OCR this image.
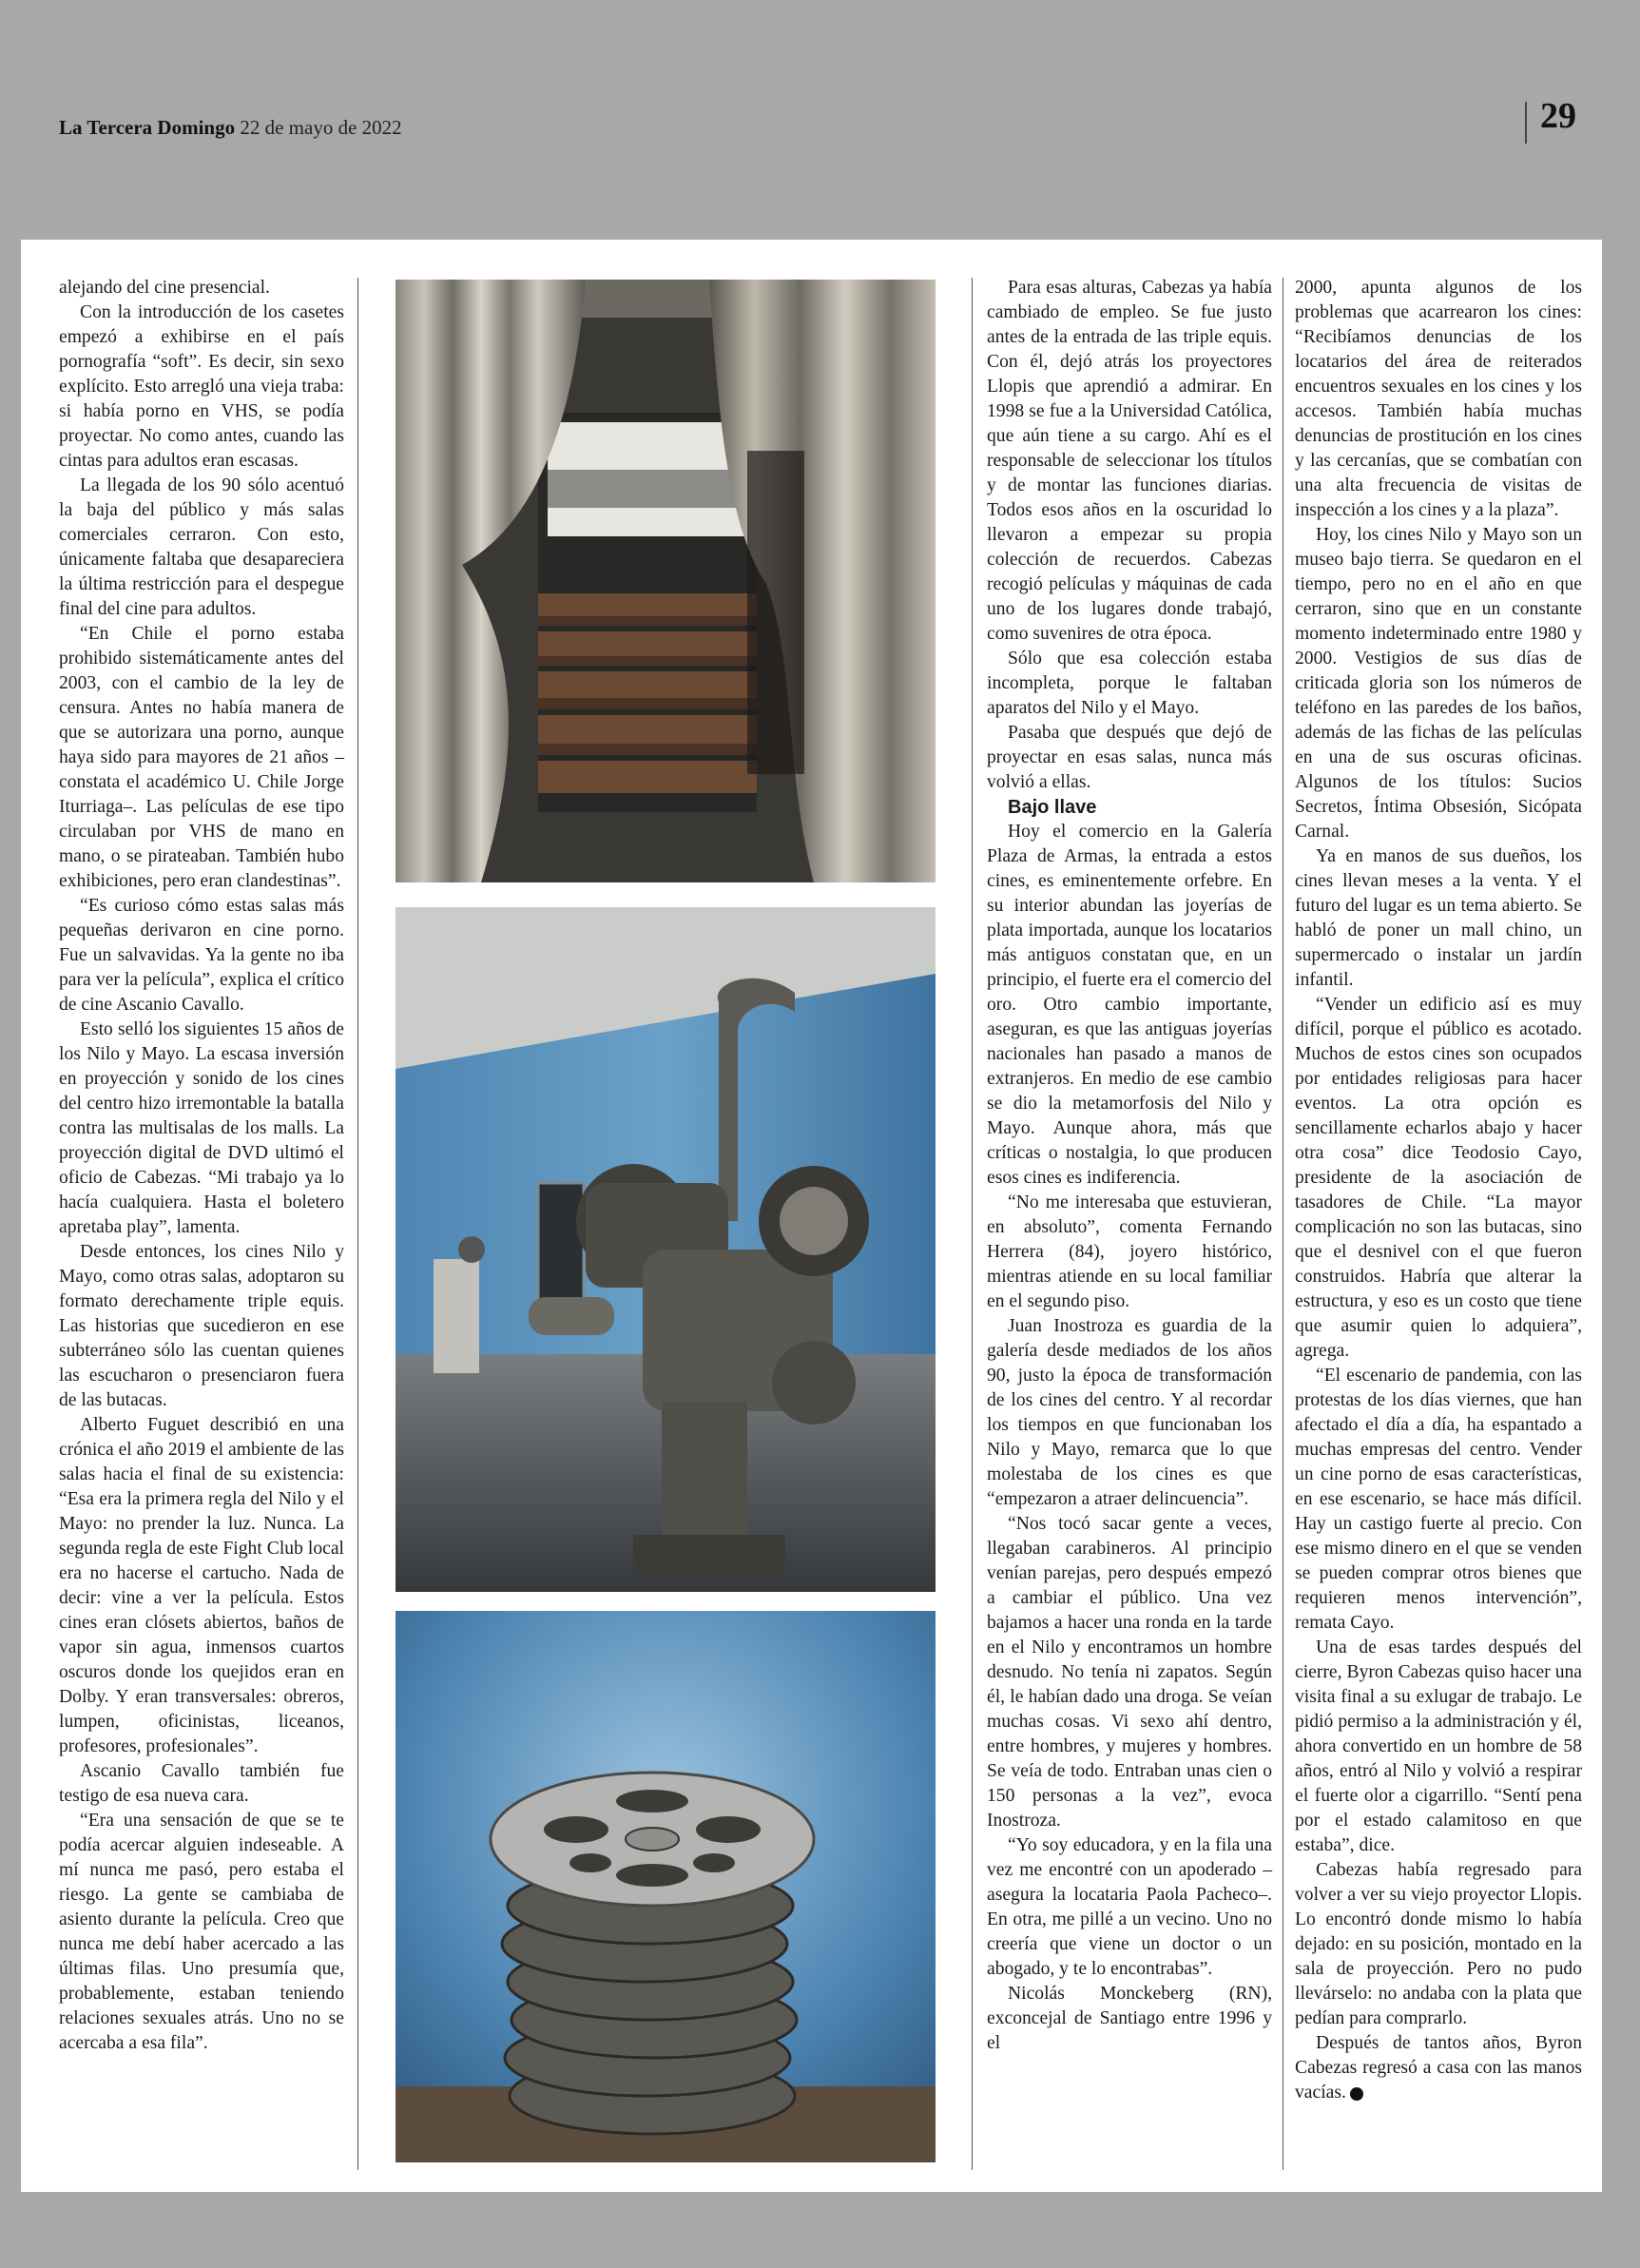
La Tercera Domingo 22 de mayo de 2022	29

alejando del cine presencial.

Con la introducción de los casetes empezó a exhibirse en el país pornografía “soft”. Es decir, sin sexo explícito. Esto arregló una vieja traba: si había porno en VHS, se podía proyectar. No como antes, cuando las cintas para adultos eran escasas.

La llegada de los 90 sólo acentuó la baja del público y más salas comerciales cerraron. Con esto, únicamente faltaba que desapareciera la última restricción para el despegue final del cine para adultos.

“En Chile el porno estaba prohibido sistemáticamente antes del 2003, con el cambio de la ley de censura. Antes no había manera de que se autorizara una porno, aunque haya sido para mayores de 21 años –constata el académico U. Chile Jorge Iturriaga–. Las películas de ese tipo circulaban por VHS de mano en mano, o se pirateaban. También hubo exhibiciones, pero eran clandestinas”.

“Es curioso cómo estas salas más pequeñas derivaron en cine porno. Fue un salvavidas. Ya la gente no iba para ver la película”, explica el crítico de cine Ascanio Cavallo.

Esto selló los siguientes 15 años de los Nilo y Mayo. La escasa inversión en proyección y sonido de los cines del centro hizo irremontable la batalla contra las multisalas de los malls. La proyección digital de DVD ultimó el oficio de Cabezas. “Mi trabajo ya lo hacía cualquiera. Hasta el boletero apretaba play”, lamenta.

Desde entonces, los cines Nilo y Mayo, como otras salas, adoptaron su formato derechamente triple equis. Las historias que sucedieron en ese subterráneo sólo las cuentan quienes las escucharon o presenciaron fuera de las butacas.

Alberto Fuguet describió en una crónica el año 2019 el ambiente de las salas hacia el final de su existencia: “Esa era la primera regla del Nilo y el Mayo: no prender la luz. Nunca. La segunda regla de este Fight Club local era no hacerse el cartucho. Nada de decir: vine a ver la película. Estos cines eran clósets abiertos, baños de vapor sin agua, inmensos cuartos oscuros donde los quejidos eran en Dolby. Y eran transversales: obreros, lumpen, oficinistas, liceanos, profesores, profesionales”.

Ascanio Cavallo también fue testigo de esa nueva cara.

“Era una sensación de que se te podía acercar alguien indeseable. A mí nunca me pasó, pero estaba el riesgo. La gente se cambiaba de asiento durante la película. Creo que nunca me debí haber acercado a las últimas filas. Uno presumía que, probablemente, estaban teniendo relaciones sexuales atrás. Uno no se acercaba a esa fila”.

Para esas alturas, Cabezas ya había cambiado de empleo. Se fue justo antes de la entrada de las triple equis. Con él, dejó atrás los proyectores Llopis que aprendió a admirar. En 1998 se fue a la Universidad Católica, que aún tiene a su cargo. Ahí es el responsable de seleccionar los títulos y de montar las funciones diarias. Todos esos años en la oscuridad lo llevaron a empezar su propia colección de recuerdos. Cabezas recogió películas y máquinas de cada uno de los lugares donde trabajó, como suvenires de otra época.

Sólo que esa colección estaba incompleta, porque le faltaban aparatos del Nilo y el Mayo.

Pasaba que después que dejó de proyectar en esas salas, nunca más volvió a ellas.

Bajo llave

Hoy el comercio en la Galería Plaza de Armas, la entrada a estos cines, es eminentemente orfebre. En su interior abundan las joyerías de plata importada, aunque los locatarios más antiguos constatan que, en un principio, el fuerte era el comercio del oro. Otro cambio importante, aseguran, es que las antiguas joyerías nacionales han pasado a manos de extranjeros. En medio de ese cambio se dio la metamorfosis del Nilo y Mayo. Aunque ahora, más que críticas o nostalgia, lo que producen esos cines es indiferencia.

“No me interesaba que estuvieran, en absoluto”, comenta Fernando Herrera (84), joyero histórico, mientras atiende en su local familiar en el segundo piso.

Juan Inostroza es guardia de la galería desde mediados de los años 90, justo la época de transformación de los cines del centro. Y al recordar los tiempos en que funcionaban los Nilo y Mayo, remarca que lo que molestaba de los cines es que “empezaron a atraer delincuencia”.

“Nos tocó sacar gente a veces, llegaban carabineros. Al principio venían parejas, pero después empezó a cambiar el público. Una vez bajamos a hacer una ronda en la tarde en el Nilo y encontramos un hombre desnudo. No tenía ni zapatos. Según él, le habían dado una droga. Se veían muchas cosas. Vi sexo ahí dentro, entre hombres, y mujeres y hombres. Se veía de todo. Entraban unas cien o 150 personas a la vez”, evoca Inostroza.

“Yo soy educadora, y en la fila una vez me encontré con un apoderado –asegura la locataria Paola Pacheco–. En otra, me pillé a un vecino. Uno no creería que viene un doctor o un abogado, y te lo encontrabas”.

Nicolás Monckeberg (RN), exconcejal de Santiago entre 1996 y el

2000, apunta algunos de los problemas que acarrearon los cines: “Recibíamos denuncias de los locatarios del área de reiterados encuentros sexuales en los cines y los accesos. También había muchas denuncias de prostitución en los cines y las cercanías, que se combatían con una alta frecuencia de visitas de inspección a los cines y a la plaza”.

Hoy, los cines Nilo y Mayo son un museo bajo tierra. Se quedaron en el tiempo, pero no en el año en que cerraron, sino que en un constante momento indeterminado entre 1980 y 2000. Vestigios de sus días de criticada gloria son los números de teléfono en las paredes de los baños, además de las fichas de las películas en una de sus oscuras oficinas. Algunos de los títulos: Sucios Secretos, Íntima Obsesión, Sicópata Carnal.

Ya en manos de sus dueños, los cines llevan meses a la venta. Y el futuro del lugar es un tema abierto. Se habló de poner un mall chino, un supermercado o instalar un jardín infantil.

“Vender un edificio así es muy difícil, porque el público es acotado. Muchos de estos cines son ocupados por entidades religiosas para hacer eventos. La otra opción es sencillamente echarlos abajo y hacer otra cosa” dice Teodosio Cayo, presidente de la asociación de tasadores de Chile. “La mayor complicación no son las butacas, sino que el desnivel con el que fueron construidos. Habría que alterar la estructura, y eso es un costo que tiene que asumir quien lo adquiera”, agrega.

“El escenario de pandemia, con las protestas de los días viernes, que han afectado el día a día, ha espantado a muchas empresas del centro. Vender un cine porno de esas características, en ese escenario, se hace más difícil. Hay un castigo fuerte al precio. Con ese mismo dinero en el que se venden se pueden comprar otros bienes que requieren menos intervención”, remata Cayo.

Una de esas tardes después del cierre, Byron Cabezas quiso hacer una visita final a su exlugar de trabajo. Le pidió permiso a la administración y él, ahora convertido en un hombre de 58 años, entró al Nilo y volvió a respirar el fuerte olor a cigarrillo. “Sentí pena por el estado calamitoso en que estaba”, dice.

Cabezas había regresado para volver a ver su viejo proyector Llopis. Lo encontró donde mismo lo había dejado: en su posición, montado en la sala de proyección. Pero no pudo llevárselo: no andaba con la plata que pedían para comprarlo.

Después de tantos años, Byron Cabezas regresó a casa con las manos vacías.	D
